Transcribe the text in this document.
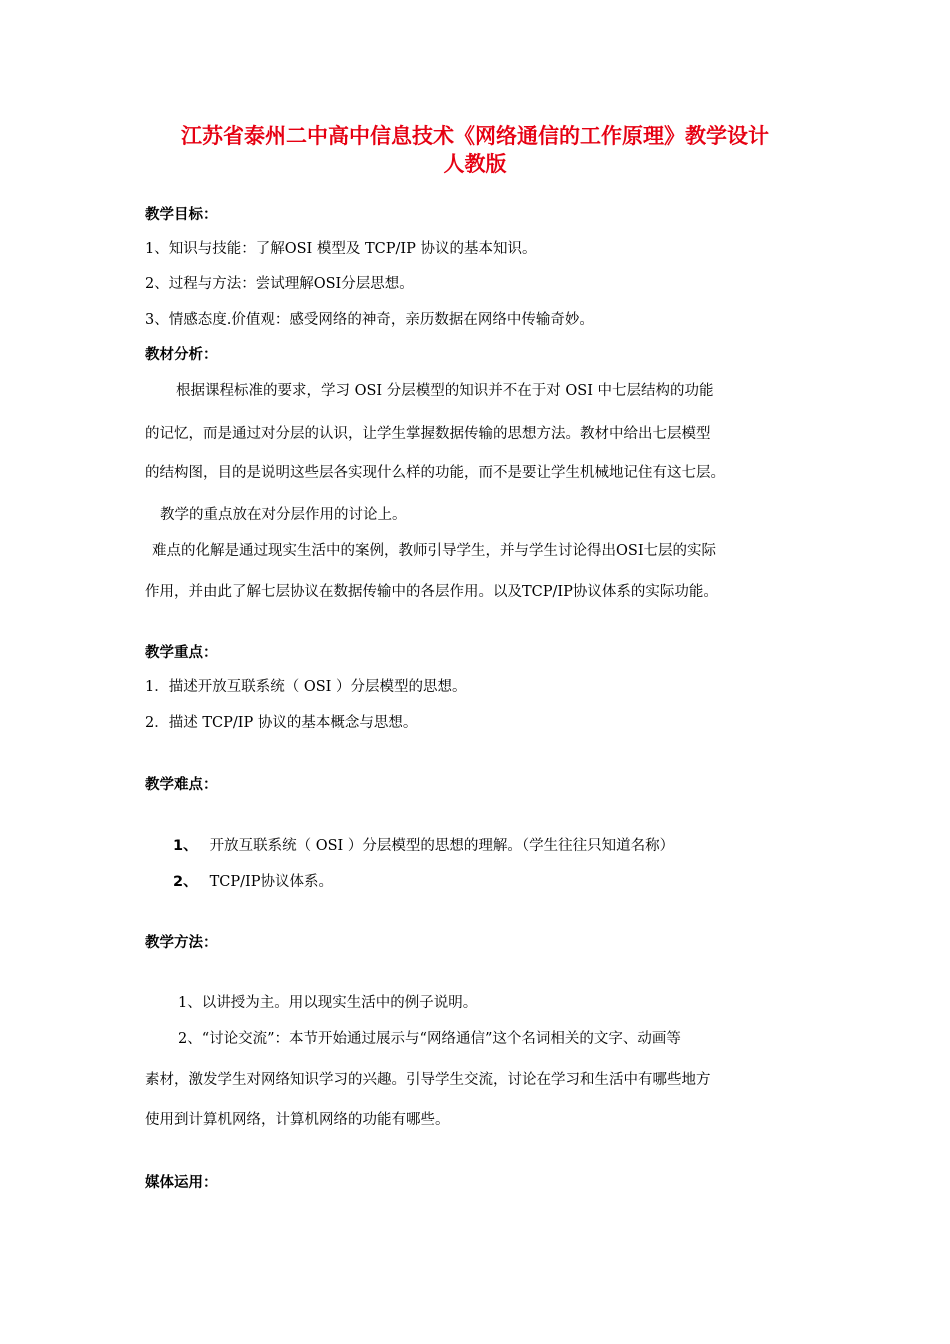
江苏省泰州二中高中信息技术《网络通信的工作原理》教学设计
人教版
教学目标：
1、知识与技能：了解OSI 模型及 TCP/IP 协议的基本知识。
2、过程与方法：尝试理解OSI分层思想。
3、情感态度.价值观：感受网络的神奇，亲历数据在网络中传输奇妙。
教材分析：
根据课程标准的要求，学习 OSI 分层模型的知识并不在于对 OSI 中七层结构的功能
的记忆，而是通过对分层的认识，让学生掌握数据传输的思想方法。教材中给出七层模型
的结构图，目的是说明这些层各实现什么样的功能，而不是要让学生机械地记住有这七层。
教学的重点放在对分层作用的讨论上。
难点的化解是通过现实生活中的案例，教师引导学生，并与学生讨论得出OSI七层的实际
作用，并由此了解七层协议在数据传输中的各层作用。以及TCP/IP协议体系的实际功能。
教学重点：
1．描述开放互联系统（ OSI ）分层模型的思想。
2．描述 TCP/IP 协议的基本概念与思想。
教学难点：
1、 开放互联系统（ OSI ）分层模型的思想的理解。（学生往往只知道名称）
2、 TCP/IP协议体系。
教学方法：
1、以讲授为主。用以现实生活中的例子说明。
2、“讨论交流”：本节开始通过展示与“网络通信”这个名词相关的文字、动画等
素材，激发学生对网络知识学习的兴趣。引导学生交流，讨论在学习和生活中有哪些地方
使用到计算机网络，计算机网络的功能有哪些。
媒体运用：
